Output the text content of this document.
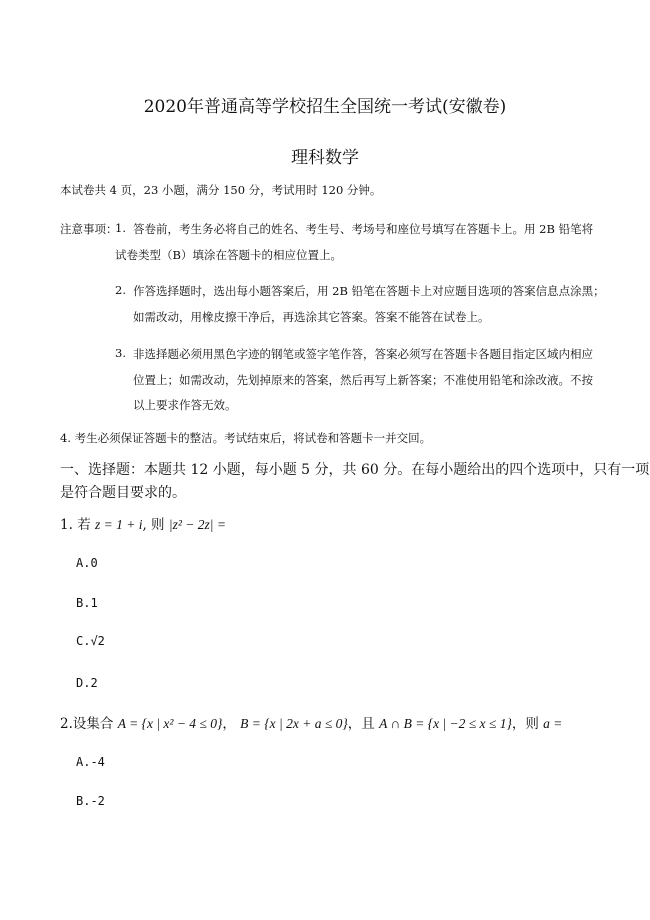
2020年普通高等学校招生全国统一考试(安徽卷)
理科数学
本试卷共 4 页，23 小题，满分 150 分，考试用时 120 分钟。
注意事项：
1. 答卷前，考生务必将自己的姓名、考生号、考场号和座位号填写在答题卡上。用 2B 铅笔将
试卷类型（B）填涂在答题卡的相应位置上。
2. 作答选择题时，选出每小题答案后，用 2B 铅笔在答题卡上对应题目选项的答案信息点涂黑；
如需改动，用橡皮擦干净后，再选涂其它答案。答案不能答在试卷上。
3. 非选择题必须用黑色字迹的钢笔或签字笔作答，答案必须写在答题卡各题目指定区域内相应
位置上；如需改动，先划掉原来的答案，然后再写上新答案；不准使用铅笔和涂改液。不按
以上要求作答无效。
4. 考生必须保证答题卡的整洁。考试结束后，将试卷和答题卡一并交回。
一、选择题：本题共 12 小题，每小题 5 分，共 60 分。在每小题给出的四个选项中，只有一项
是符合题目要求的。
1. 若 z = 1 + i, 则 |z² − 2z| =
A.0
B.1
C.√2
D.2
2.设集合 A = {x | x² − 4 ≤ 0}， B = {x | 2x + a ≤ 0}，且 A ∩ B = {x | −2 ≤ x ≤ 1}，则 a =
A.-4
B.-2
